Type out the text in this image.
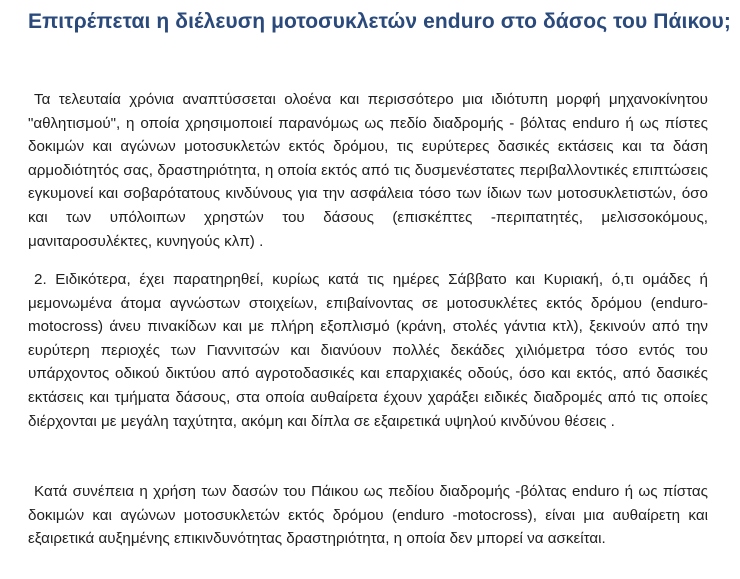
Επιτρέπεται η διέλευση μοτοσυκλετών enduro στο δάσος του Πάικου;
Τα τελευταία χρόνια αναπτύσσεται ολοένα και περισσότερο μια ιδιότυπη μορφή μηχανοκίνητου "αθλητισμού", η οποία χρησιμοποιεί παρανόμως ως πεδίο διαδρομής - βόλτας enduro ή ως πίστες δοκιμών και αγώνων μοτοσυκλετών εκτός δρόμου, τις ευρύτερες δασικές εκτάσεις και τα δάση αρμοδιότητός σας, δραστηριότητα, η οποία εκτός από τις δυσμενέστατες περιβαλλοντικές επιπτώσεις εγκυμονεί και σοβαρότατους κινδύνους για την ασφάλεια τόσο των ίδιων των μοτοσυκλετιστών, όσο και των υπόλοιπων χρηστών του δάσους (επισκέπτες -περιπατητές, μελισσοκόμους, μανιταροσυλέκτες, κυνηγούς κλπ) .
2. Ειδικότερα, έχει παρατηρηθεί, κυρίως κατά τις ημέρες Σάββατο και Κυριακή, ό,τι ομάδες ή μεμονωμένα άτομα αγνώστων στοιχείων, επιβαίνοντας σε μοτοσυκλέτες εκτός δρόμου (enduro-motocross) άνευ πινακίδων και με πλήρη εξοπλισμό (κράνη, στολές γάντια κτλ), ξεκινούν από την ευρύτερη περιοχές των Γιαννιτσών και διανύουν πολλές δεκάδες χιλιόμετρα τόσο εντός του υπάρχοντος οδικού δικτύου από αγροτοδασικές και επαρχιακές οδούς, όσο και εκτός, από δασικές εκτάσεις και τμήματα δάσους, στα οποία αυθαίρετα έχουν χαράξει ειδικές διαδρομές από τις οποίες διέρχονται με μεγάλη ταχύτητα, ακόμη και δίπλα σε εξαιρετικά υψηλού κινδύνου θέσεις .
Κατά συνέπεια η χρήση των δασών του Πάικου ως πεδίου διαδρομής -βόλτας enduro ή ως πίστας δοκιμών και αγώνων μοτοσυκλετών εκτός δρόμου (enduro -motocross), είναι μια αυθαίρετη και εξαιρετικά αυξημένης επικινδυνότητας δραστηριότητα, η οποία δεν μπορεί να ασκείται.
